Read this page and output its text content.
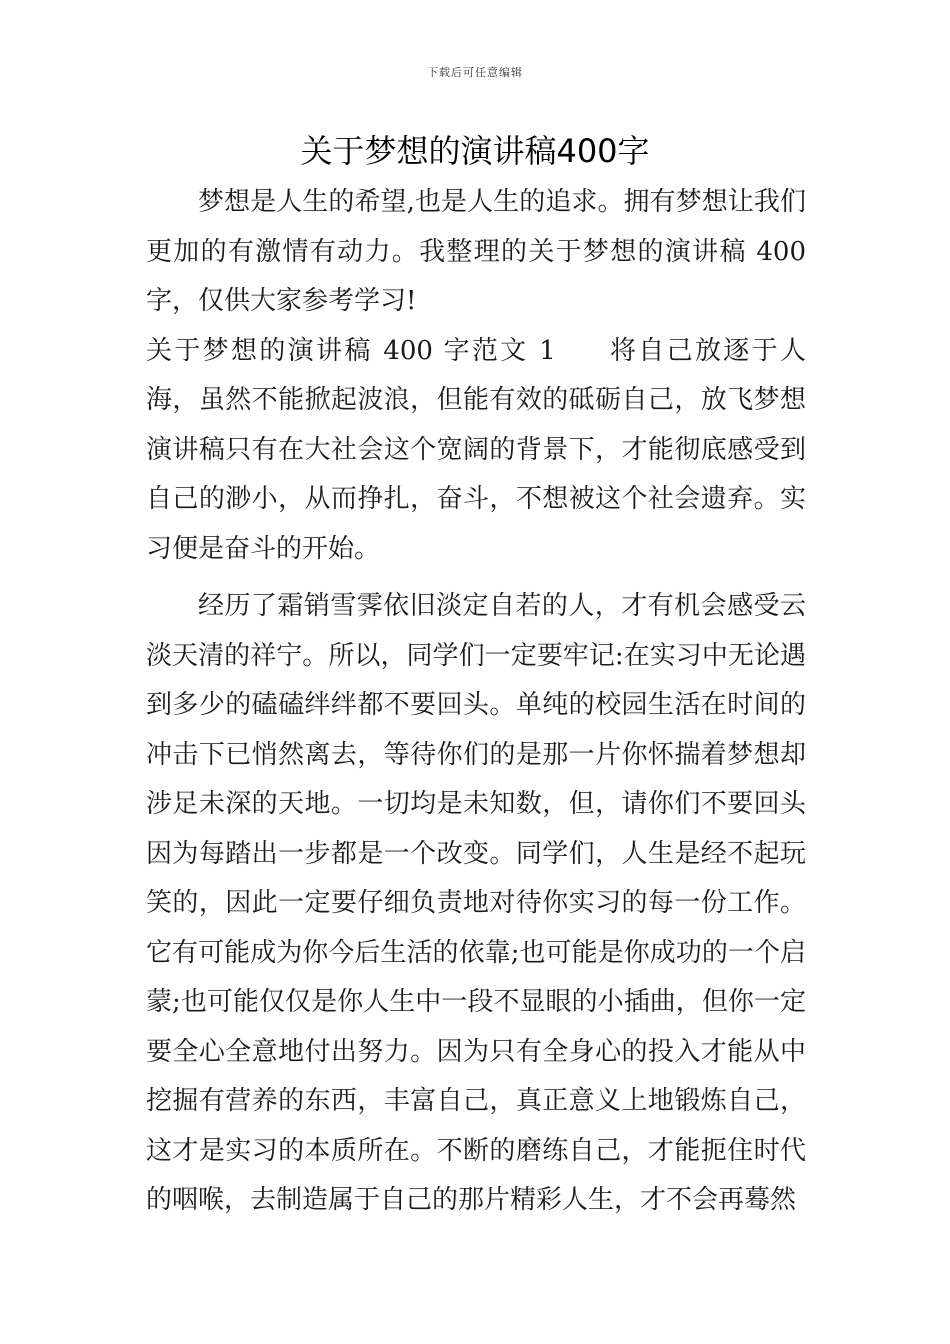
下载后可任意编辑
关于梦想的演讲稿400字

梦想是人生的希望,也是人生的追求。拥有梦想让我们更加的有激情有动力。我整理的关于梦想的演讲稿 400 字，仅供大家参考学习!

关于梦想的演讲稿 400 字范文 1 将自己放逐于人海，虽然不能掀起波浪，但能有效的砥砺自己，放飞梦想演讲稿只有在大社会这个宽阔的背景下，才能彻底感受到自己的渺小，从而挣扎，奋斗，不想被这个社会遗弃。实习便是奋斗的开始。

经历了霜销雪霁依旧淡定自若的人，才有机会感受云淡天清的祥宁。所以，同学们一定要牢记:在实习中无论遇到多少的磕磕绊绊都不要回头。单纯的校园生活在时间的冲击下已悄然离去，等待你们的是那一片你怀揣着梦想却涉足未深的天地。一切均是未知数，但，请你们不要回头因为每踏出一步都是一个改变。同学们，人生是经不起玩笑的，因此一定要仔细负责地对待你实习的每一份工作。它有可能成为你今后生活的依靠;也可能是你成功的一个启蒙;也可能仅仅是你人生中一段不显眼的小插曲，但你一定要全心全意地付出努力。因为只有全身心的投入才能从中挖掘有营养的东西，丰富自己，真正意义上地锻炼自己，这才是实习的本质所在。不断的磨练自己，才能扼住时代的咽喉，去制造属于自己的那片精彩人生，才不会再蓦然
